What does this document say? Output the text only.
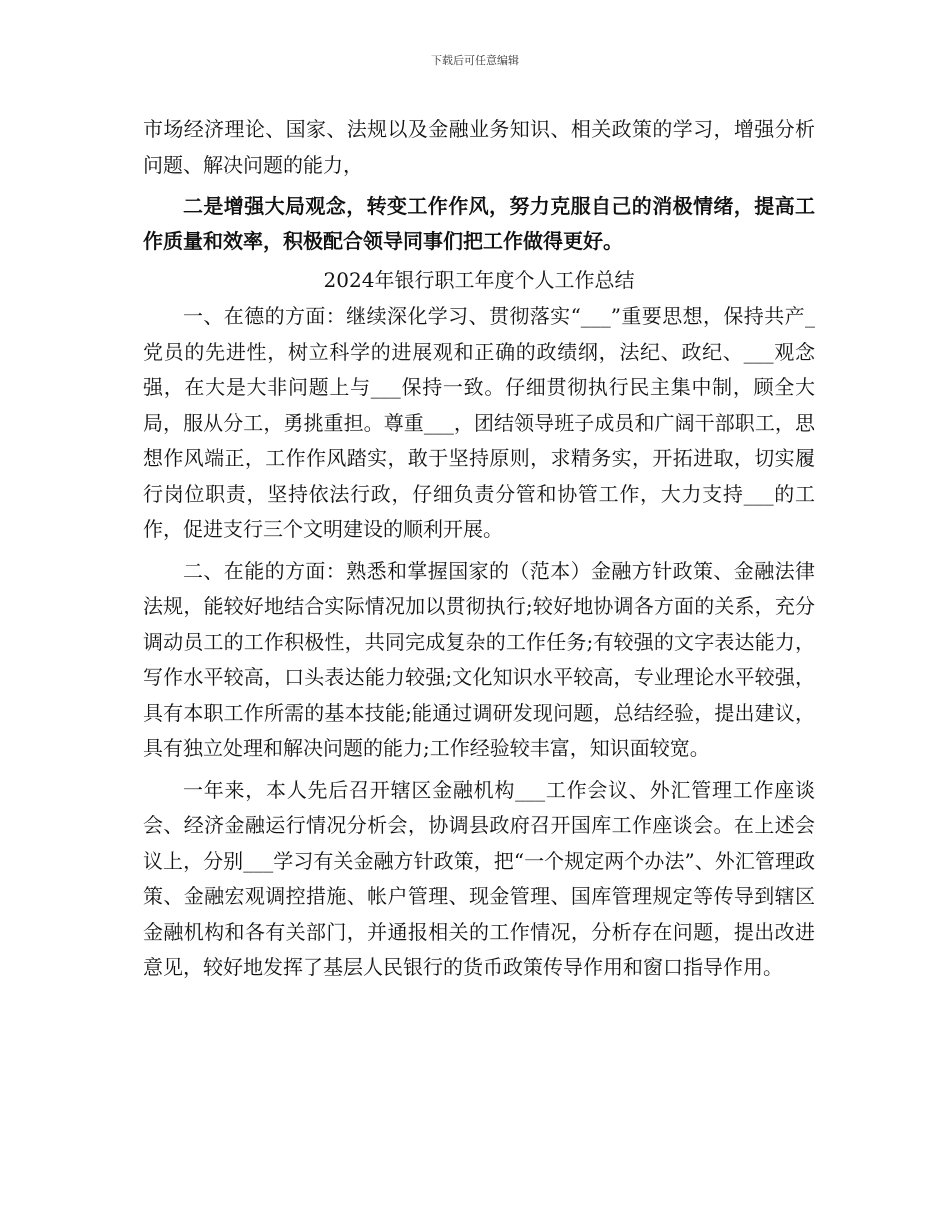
下载后可任意编辑

市场经济理论、国家、法规以及金融业务知识、相关政策的学习，增强分析问题、解决问题的能力，

二是增强大局观念，转变工作作风，努力克服自己的消极情绪，提高工作质量和效率，积极配合领导同事们把工作做得更好。

2024年银行职工年度个人工作总结

一、在德的方面：继续深化学习、贯彻落实“___”重要思想，保持共产_党员的先进性，树立科学的进展观和正确的政绩纲，法纪、政纪、___观念强，在大是大非问题上与___保持一致。仔细贯彻执行民主集中制，顾全大局，服从分工，勇挑重担。尊重___，团结领导班子成员和广阔干部职工，思想作风端正，工作作风踏实，敢于坚持原则，求精务实，开拓进取，切实履行岗位职责，坚持依法行政，仔细负责分管和协管工作，大力支持___的工作，促进支行三个文明建设的顺利开展。

二、在能的方面：熟悉和掌握国家的（范本）金融方针政策、金融法律法规，能较好地结合实际情况加以贯彻执行;较好地协调各方面的关系，充分调动员工的工作积极性，共同完成复杂的工作任务;有较强的文字表达能力，写作水平较高，口头表达能力较强;文化知识水平较高，专业理论水平较强，具有本职工作所需的基本技能;能通过调研发现问题，总结经验，提出建议，具有独立处理和解决问题的能力;工作经验较丰富，知识面较宽。

一年来，本人先后召开辖区金融机构___工作会议、外汇管理工作座谈会、经济金融运行情况分析会，协调县政府召开国库工作座谈会。在上述会议上，分别___学习有关金融方针政策，把“一个规定两个办法”、外汇管理政策、金融宏观调控措施、帐户管理、现金管理、国库管理规定等传导到辖区金融机构和各有关部门，并通报相关的工作情况，分析存在问题，提出改进意见，较好地发挥了基层人民银行的货币政策传导作用和窗口指导作用。
